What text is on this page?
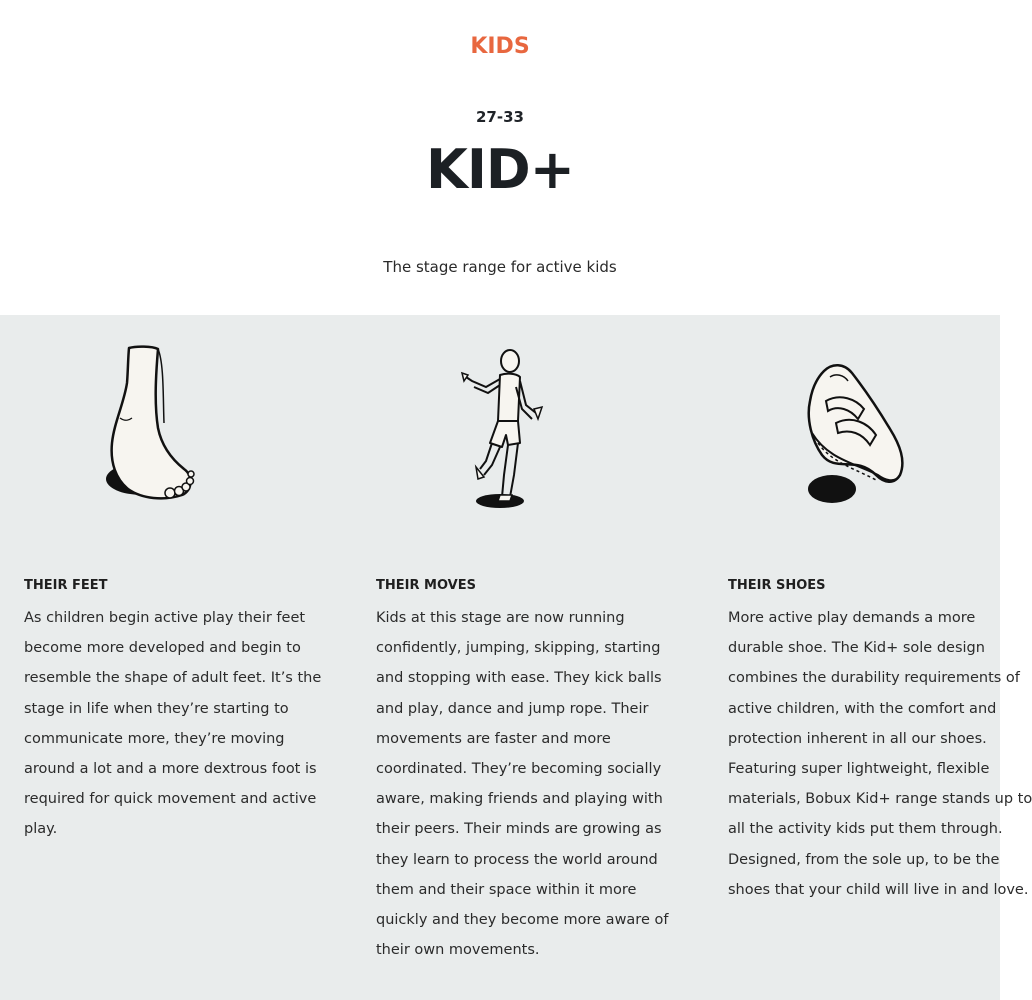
KIDS
27-33
KID+
The stage range for active kids
THEIR FEET
As children begin active play their feet
become more developed and begin to
resemble the shape of adult feet. It’s the
stage in life when they’re starting to
communicate more, they’re moving
around a lot and a more dextrous foot is
required for quick movement and active
play.
THEIR MOVES
Kids at this stage are now running
confidently, jumping, skipping, starting
and stopping with ease. They kick balls
and play, dance and jump rope. Their
movements are faster and more
coordinated. They’re becoming socially
aware, making friends and playing with
their peers. Their minds are growing as
they learn to process the world around
them and their space within it more
quickly and they become more aware of
their own movements.
THEIR SHOES
More active play demands a more
durable shoe. The Kid+ sole design
combines the durability requirements of
active children, with the comfort and
protection inherent in all our shoes.
Featuring super lightweight, flexible
materials, Bobux Kid+ range stands up to
all the activity kids put them through.
Designed, from the sole up, to be the
shoes that your child will live in and love.
